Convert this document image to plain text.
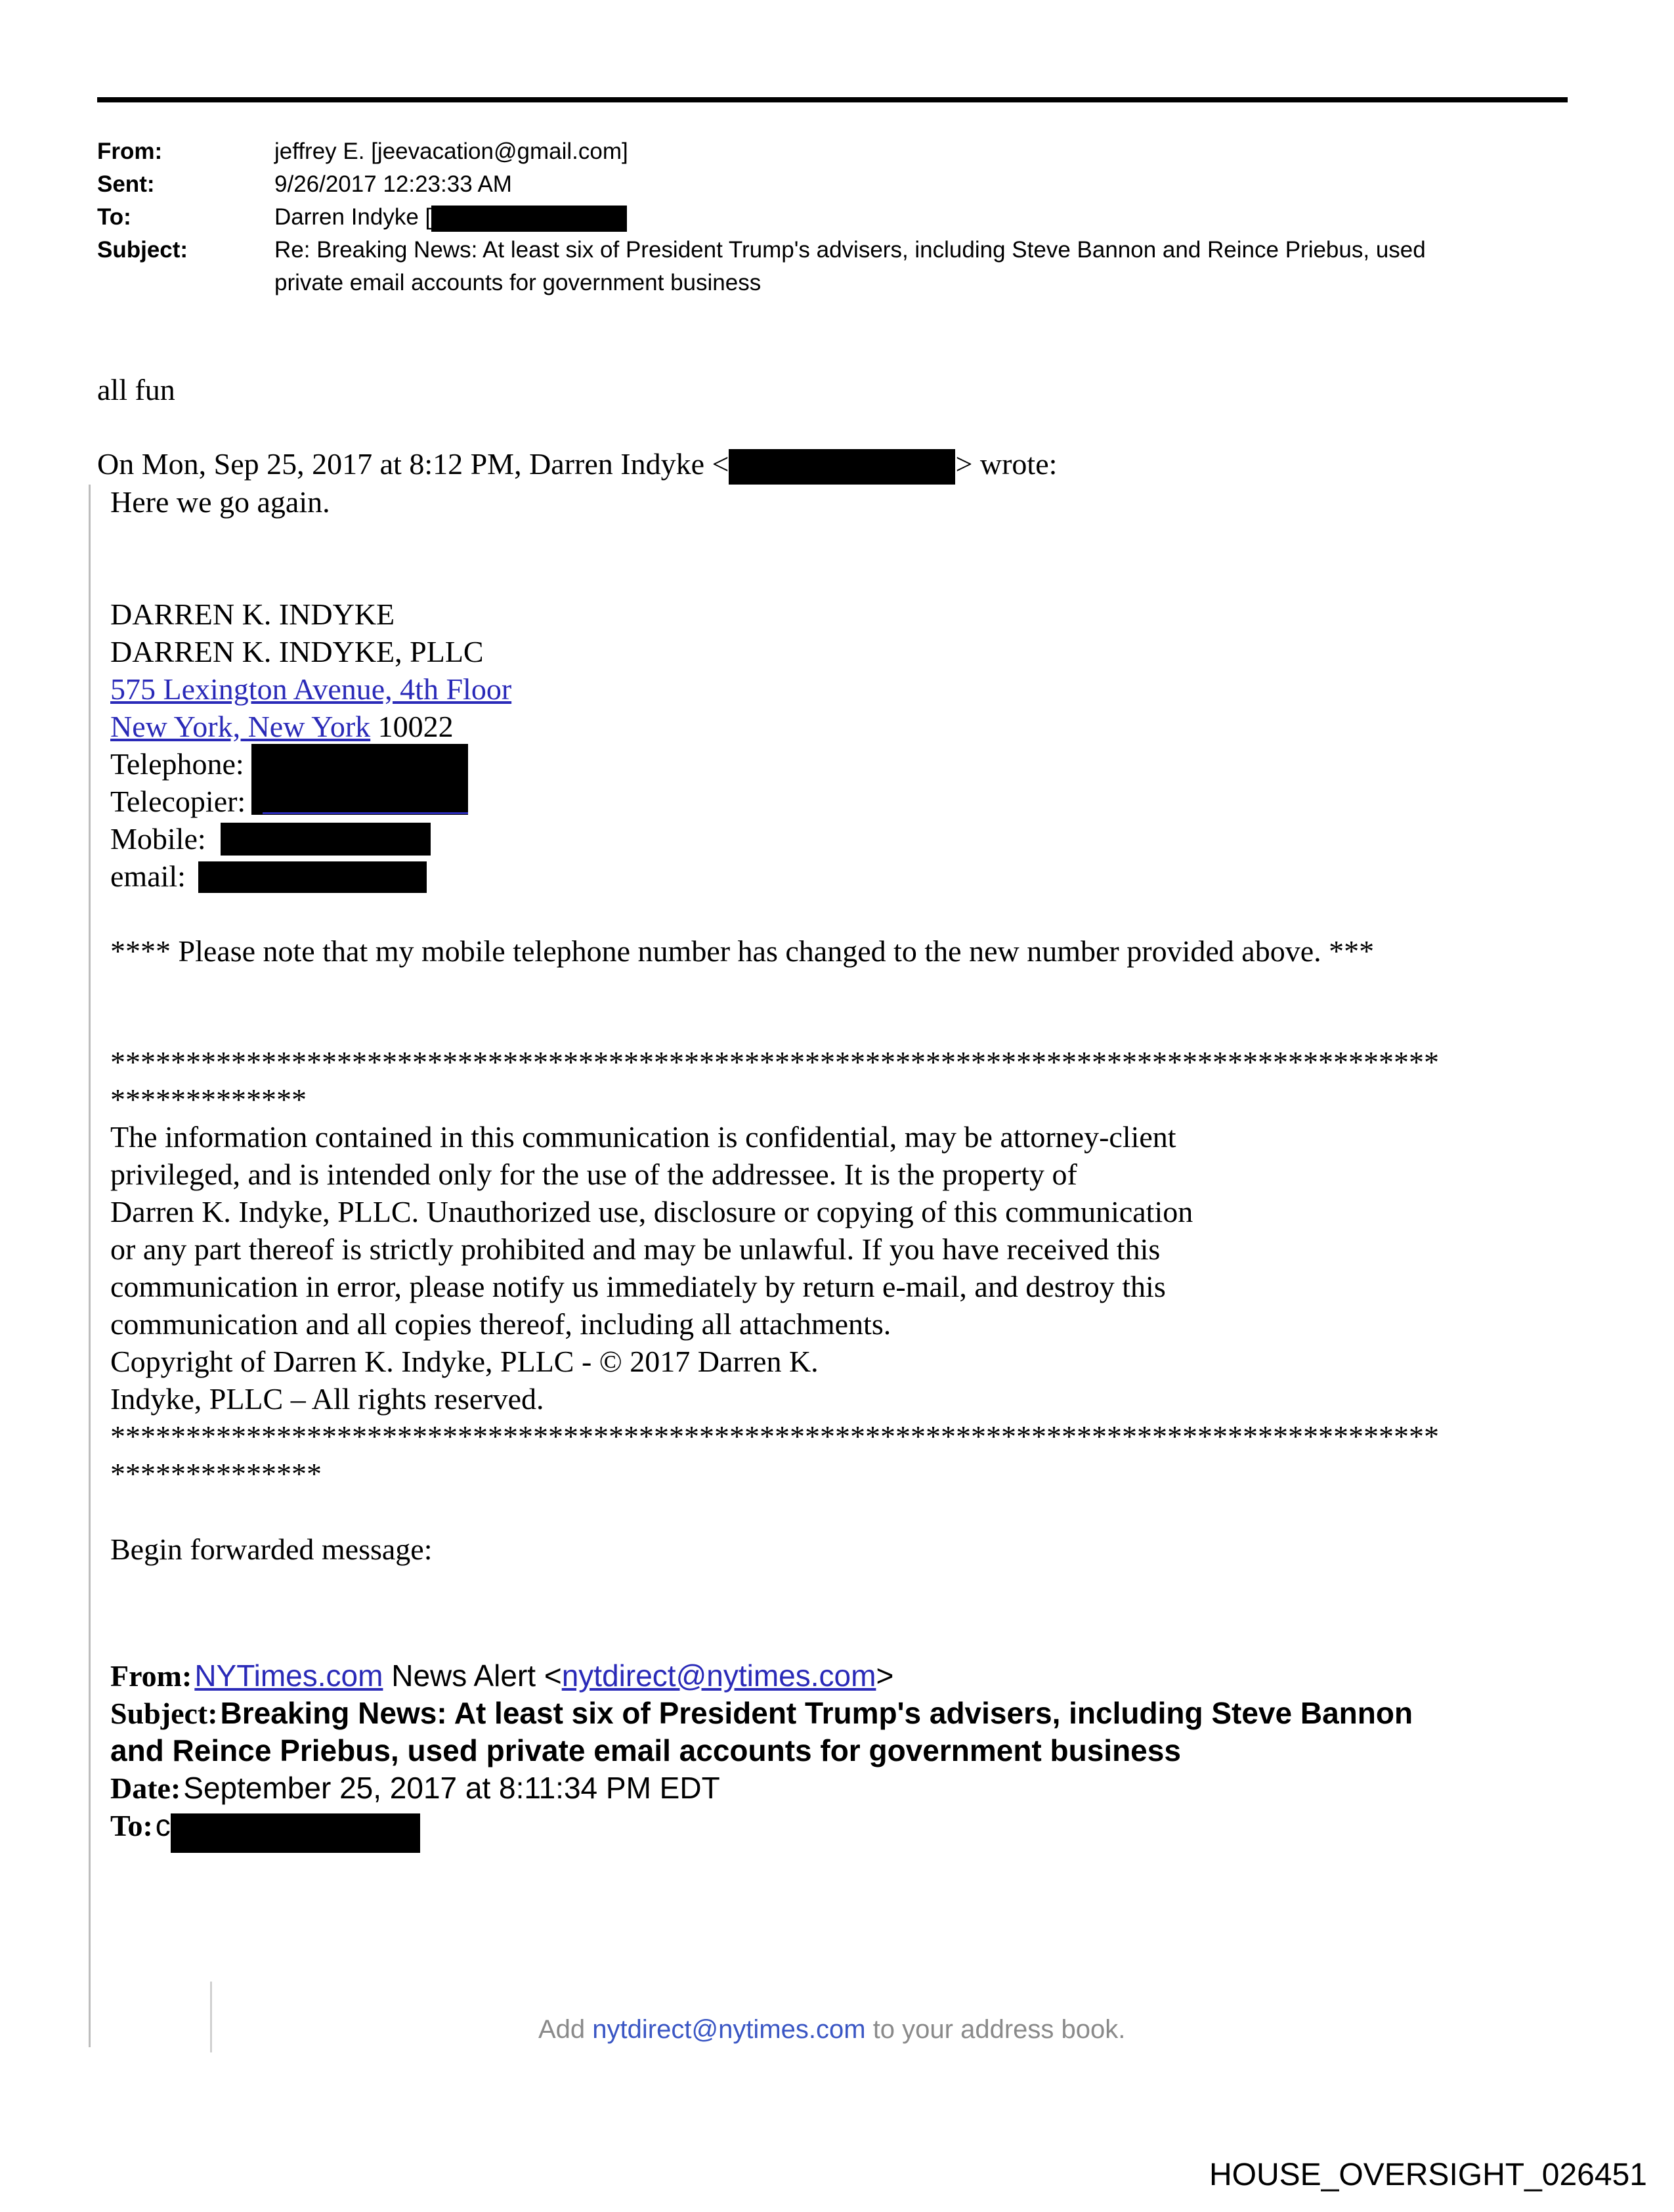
From:	jeffrey E. [jeevacation@gmail.com]
Sent:	9/26/2017 12:23:33 AM
To:	Darren Indyke [
Subject:	Re: Breaking News: At least six of President Trump's advisers, including Steve Bannon and Reince Priebus, used
private email accounts for government business
all fun
On Mon, Sep 25, 2017 at 8:12 PM, Darren Indyke <	> wrote:
Here we go again.
DARREN K. INDYKE
DARREN K. INDYKE, PLLC
575 Lexington Avenue, 4th Floor
New York, New York 10022
Telephone:
Telecopier:
Mobile:
email:
**** Please note that my mobile telephone number has changed to the new number provided above. ***
****************************************************************************************
*************
The information contained in this communication is confidential, may be attorney-client
privileged, and is intended only for the use of the addressee. It is the property of
Darren K. Indyke, PLLC. Unauthorized use, disclosure or copying of this communication
or any part thereof is strictly prohibited and may be unlawful. If you have received this
communication in error, please notify us immediately by return e-mail, and destroy this
communication and all copies thereof, including all attachments.
Copyright of Darren K. Indyke, PLLC - © 2017 Darren K.
Indyke, PLLC – All rights reserved.
****************************************************************************************
**************
Begin forwarded message:
From: NYTimes.com News Alert <nytdirect@nytimes.com>
Subject: Breaking News: At least six of President Trump's advisers, including Steve Bannon
and Reince Priebus, used private email accounts for government business
Date: September 25, 2017 at 8:11:34 PM EDT
To: c
Add nytdirect@nytimes.com to your address book.
HOUSE_OVERSIGHT_026451
